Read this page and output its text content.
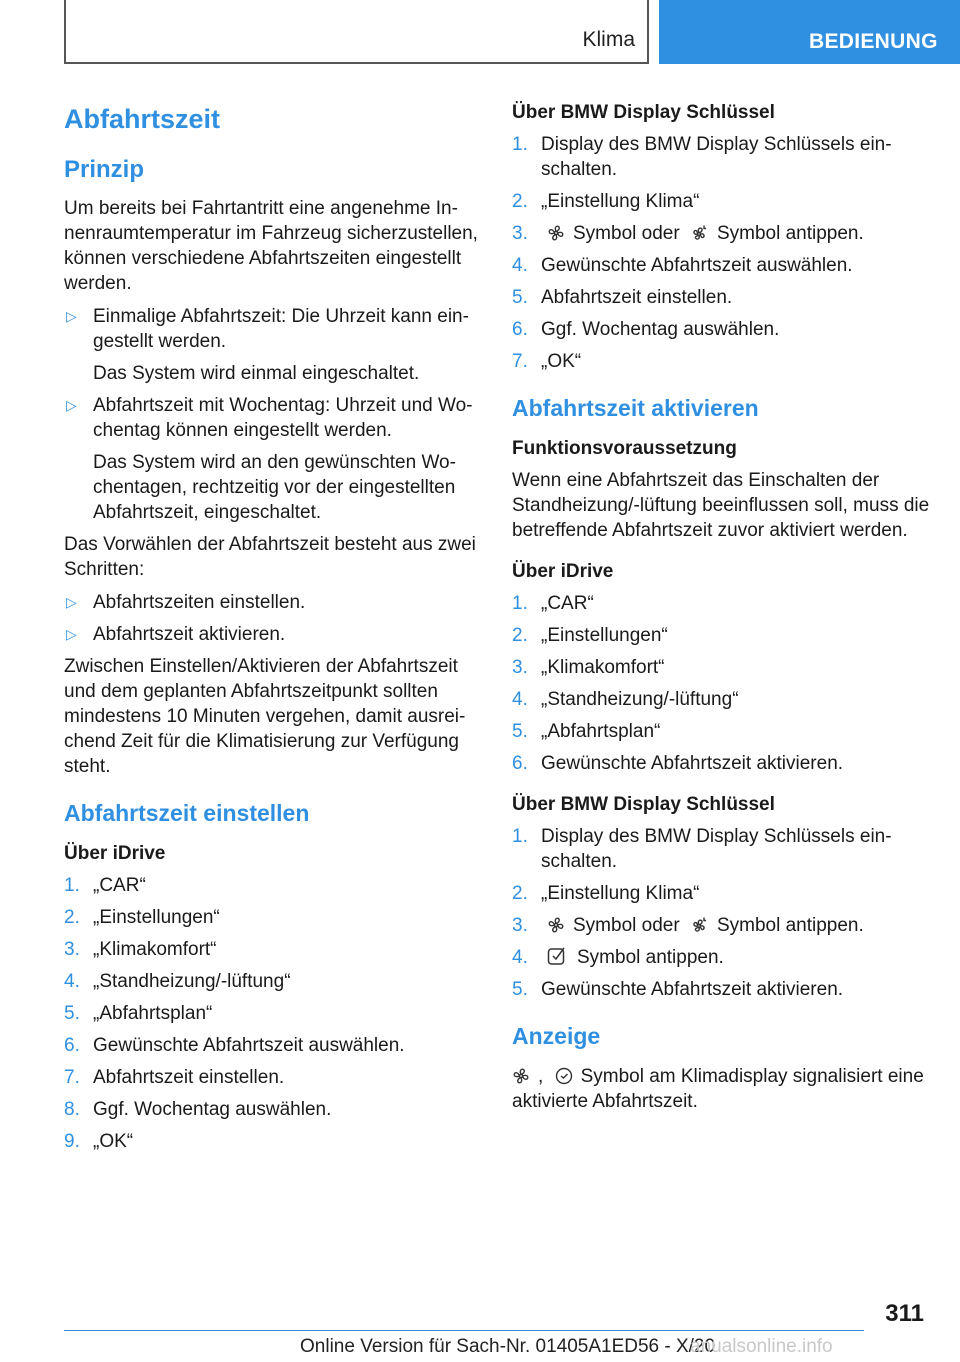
Klima	BEDIENUNG
Abfahrtszeit
Prinzip

Um bereits bei Fahrtantritt eine angenehme Innenraumtemperatur im Fahrzeug sicherzustellen, können verschiedene Abfahrtszeiten eingestellt werden.

▷ Einmalige Abfahrtszeit: Die Uhrzeit kann eingestellt werden.
Das System wird einmal eingeschaltet.
▷ Abfahrtszeit mit Wochentag: Uhrzeit und Wochentag können eingestellt werden.
Das System wird an den gewünschten Wochentagen, rechtzeitig vor der eingestellten Abfahrtszeit, eingeschaltet.

Das Vorwählen der Abfahrtszeit besteht aus zwei Schritten:

▷ Abfahrtszeiten einstellen.
▷ Abfahrtszeit aktivieren.

Zwischen Einstellen/Aktivieren der Abfahrtszeit und dem geplanten Abfahrtszeitpunkt sollten mindestens 10 Minuten vergehen, damit ausreichend Zeit für die Klimatisierung zur Verfügung steht.

Abfahrtszeit einstellen
Über iDrive
1. „CAR“
2. „Einstellungen“
3. „Klimakomfort“
4. „Standheizung/-lüftung“
5. „Abfahrtsplan“
6. Gewünschte Abfahrtszeit auswählen.
7. Abfahrtszeit einstellen.
8. Ggf. Wochentag auswählen.
9. „OK“
Über BMW Display Schlüssel
1. Display des BMW Display Schlüssels einschalten.
2. „Einstellung Klima“
3. Symbol oder Symbol antippen.
4. Gewünschte Abfahrtszeit auswählen.
5. Abfahrtszeit einstellen.
6. Ggf. Wochentag auswählen.
7. „OK“
Abfahrtszeit aktivieren
Funktionsvoraussetzung

Wenn eine Abfahrtszeit das Einschalten der Standheizung/-lüftung beeinflussen soll, muss die betreffende Abfahrtszeit zuvor aktiviert werden.

Über iDrive
1. „CAR“
2. „Einstellungen“
3. „Klimakomfort“
4. „Standheizung/-lüftung“
5. „Abfahrtsplan“
6. Gewünschte Abfahrtszeit aktivieren.
Über BMW Display Schlüssel
1. Display des BMW Display Schlüssels einschalten.
2. „Einstellung Klima“
3. Symbol oder Symbol antippen.
4.	Symbol antippen.
5. Gewünschte Abfahrtszeit aktivieren.
Anzeige

, Symbol am Klimadisplay signalisiert eine aktivierte Abfahrtszeit.

311
Online Version für Sach-Nr. 01405A1ED56 - X/20
anualsonline.info
